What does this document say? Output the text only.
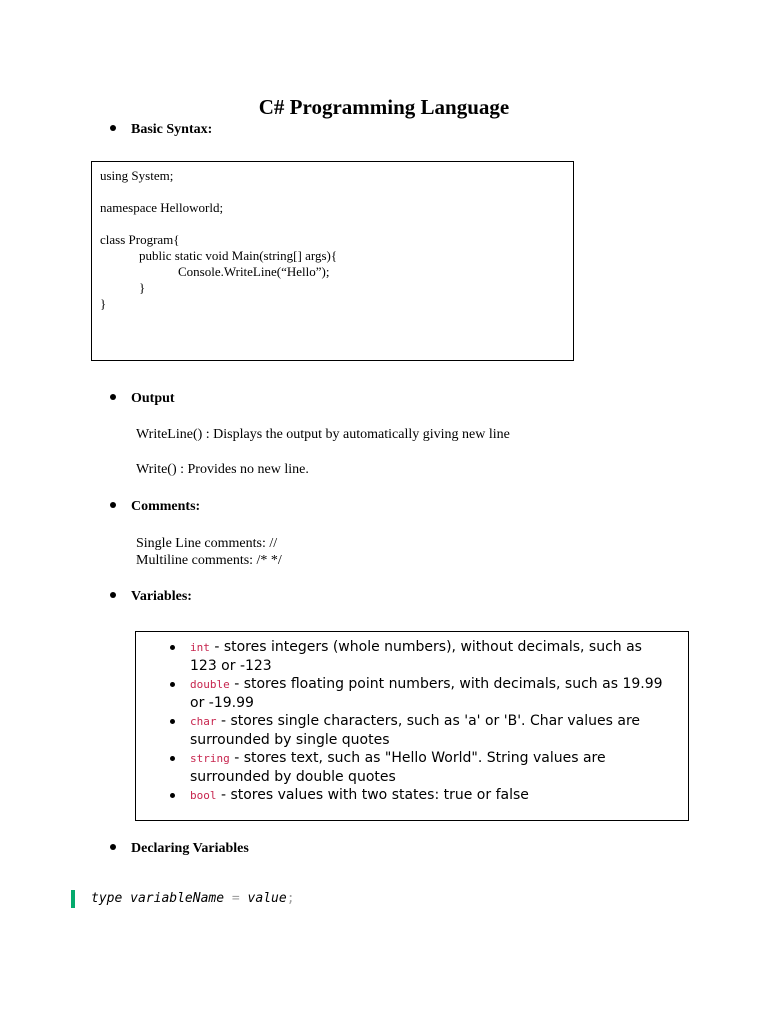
C# Programming Language
Basic Syntax:
using System;
namespace Helloworld;
class Program{
public static void Main(string[] args){
Console.WriteLine(“Hello”);
}
}
Output
WriteLine() : Displays the output by automatically giving new line
Write() : Provides no new line.
Comments:
Single Line comments: //
Multiline comments: /* */
Variables:
int - stores integers (whole numbers), without decimals, such as 123 or -123
double - stores floating point numbers, with decimals, such as 19.99 or -19.99
char - stores single characters, such as 'a' or 'B'. Char values are surrounded by single quotes
string - stores text, such as "Hello World". String values are surrounded by double quotes
bool - stores values with two states: true or false
Declaring Variables
type variableName = value;
